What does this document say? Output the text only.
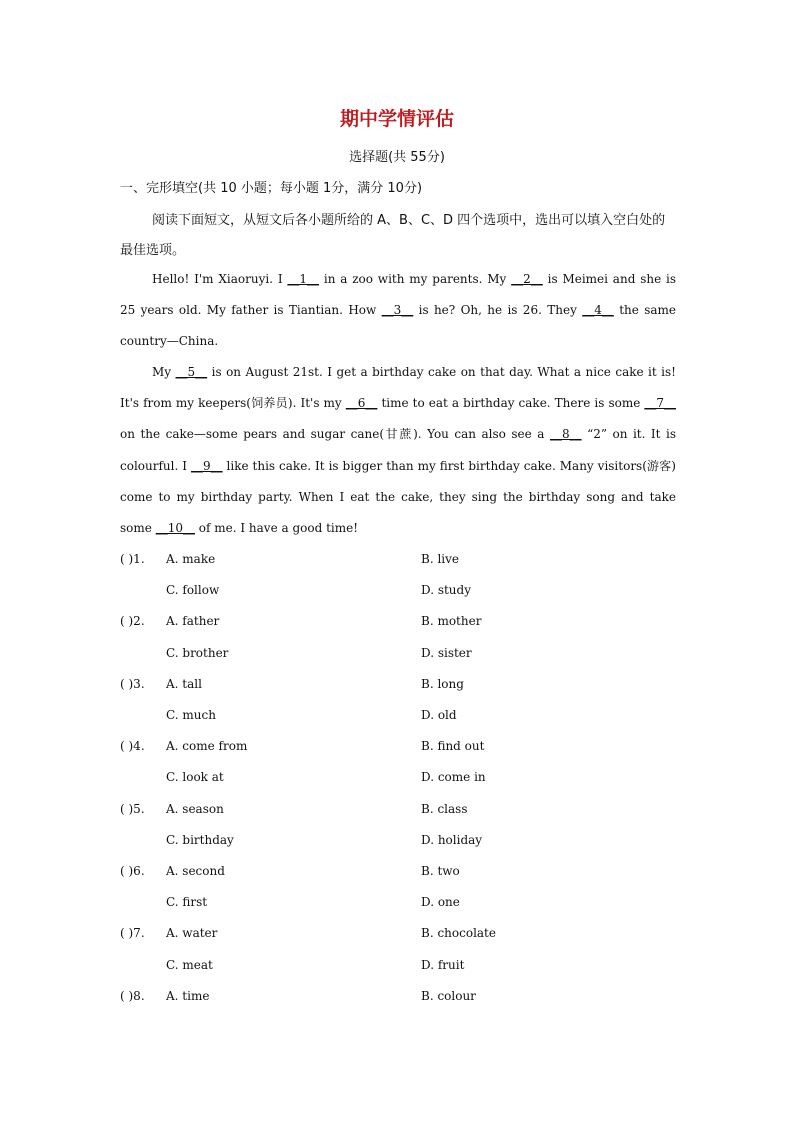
期中学情评估
选择题(共 55分)
一、完形填空(共 10 小题；每小题 1分，满分 10分)

阅读下面短文，从短文后各小题所给的 A、B、C、D 四个选项中，选出可以填入空白处的最佳选项。

Hello! I'm Xiaoruyi. I __1__ in a zoo with my parents. My __2__ is Meimei and she is 25 years old. My father is Tiantian. How __3__ is he? Oh, he is 26. They __4__ the same country—China.

My __5__ is on August 21st. I get a birthday cake on that day. What a nice cake it is! It's from my keepers(饲养员). It's my __6__ time to eat a birthday cake. There is some __7__ on the cake—some pears and sugar cane(甘蔗). You can also see a __8__ “2” on it. It is colourful. I __9__ like this cake. It is bigger than my first birthday cake. Many visitors(游客) come to my birthday party. When I eat the cake, they sing the birthday song and take some __10__ of me. I have a good time!

( )1. A. make	B. live
C. follow	D. study
( )2. A. father	B. mother
C. brother	D. sister
( )3. A. tall	B. long
C. much	D. old
( )4. A. come from	B. find out
C. look at	D. come in
( )5. A. season	B. class
C. birthday	D. holiday
( )6. A. second	B. two
C. first	D. one
( )7. A. water	B. chocolate
C. meat	D. fruit
( )8. A. time	B. colour
